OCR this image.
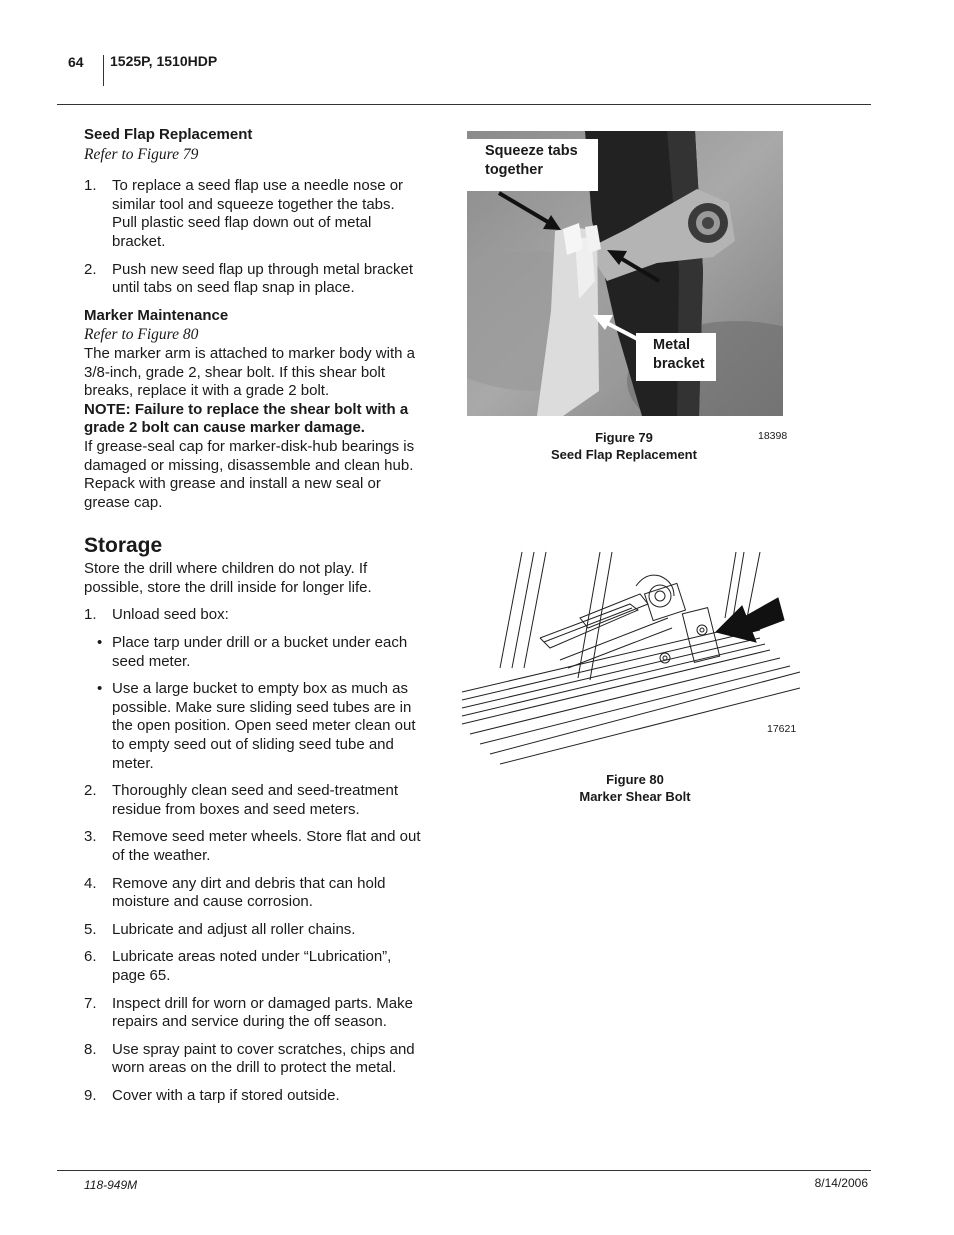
64 1525P, 1510HDP
Seed Flap Replacement

Refer to Figure 79

1. To replace a seed flap use a needle nose or similar tool and squeeze together the tabs. Pull plastic seed flap down out of metal bracket.
2. Push new seed flap up through metal bracket until tabs on seed flap snap in place.
Marker Maintenance

Refer to Figure 80

The marker arm is attached to marker body with a 3/8-inch, grade 2, shear bolt. If this shear bolt breaks, replace it with a grade 2 bolt.

NOTE: Failure to replace the shear bolt with a grade 2 bolt can cause marker damage.

If grease-seal cap for marker-disk-hub bearings is damaged or missing, disassemble and clean hub. Repack with grease and install a new seal or grease cap.

Storage

Store the drill where children do not play. If possible, store the drill inside for longer life.

1. Unload seed box:
• Place tarp under drill or a bucket under each seed meter.
• Use a large bucket to empty box as much as possible. Make sure sliding seed tubes are in the open position. Open seed meter clean out to empty seed out of sliding seed tube and meter.
2. Thoroughly clean seed and seed-treatment residue from boxes and seed meters.
3. Remove seed meter wheels. Store flat and out of the weather.
4. Remove any dirt and debris that can hold moisture and cause corrosion.
5. Lubricate and adjust all roller chains.
6. Lubricate areas noted under “Lubrication”, page 65.
7. Inspect drill for worn or damaged parts. Make repairs and service during the off season.
8. Use spray paint to cover scratches, chips and worn areas on the drill to protect the metal.
9. Cover with a tarp if stored outside.
Squeeze tabs together
Metal bracket
Figure 79
Seed Flap Replacement
18398
17621
Figure 80
Marker Shear Bolt
118-949M	8/14/2006
